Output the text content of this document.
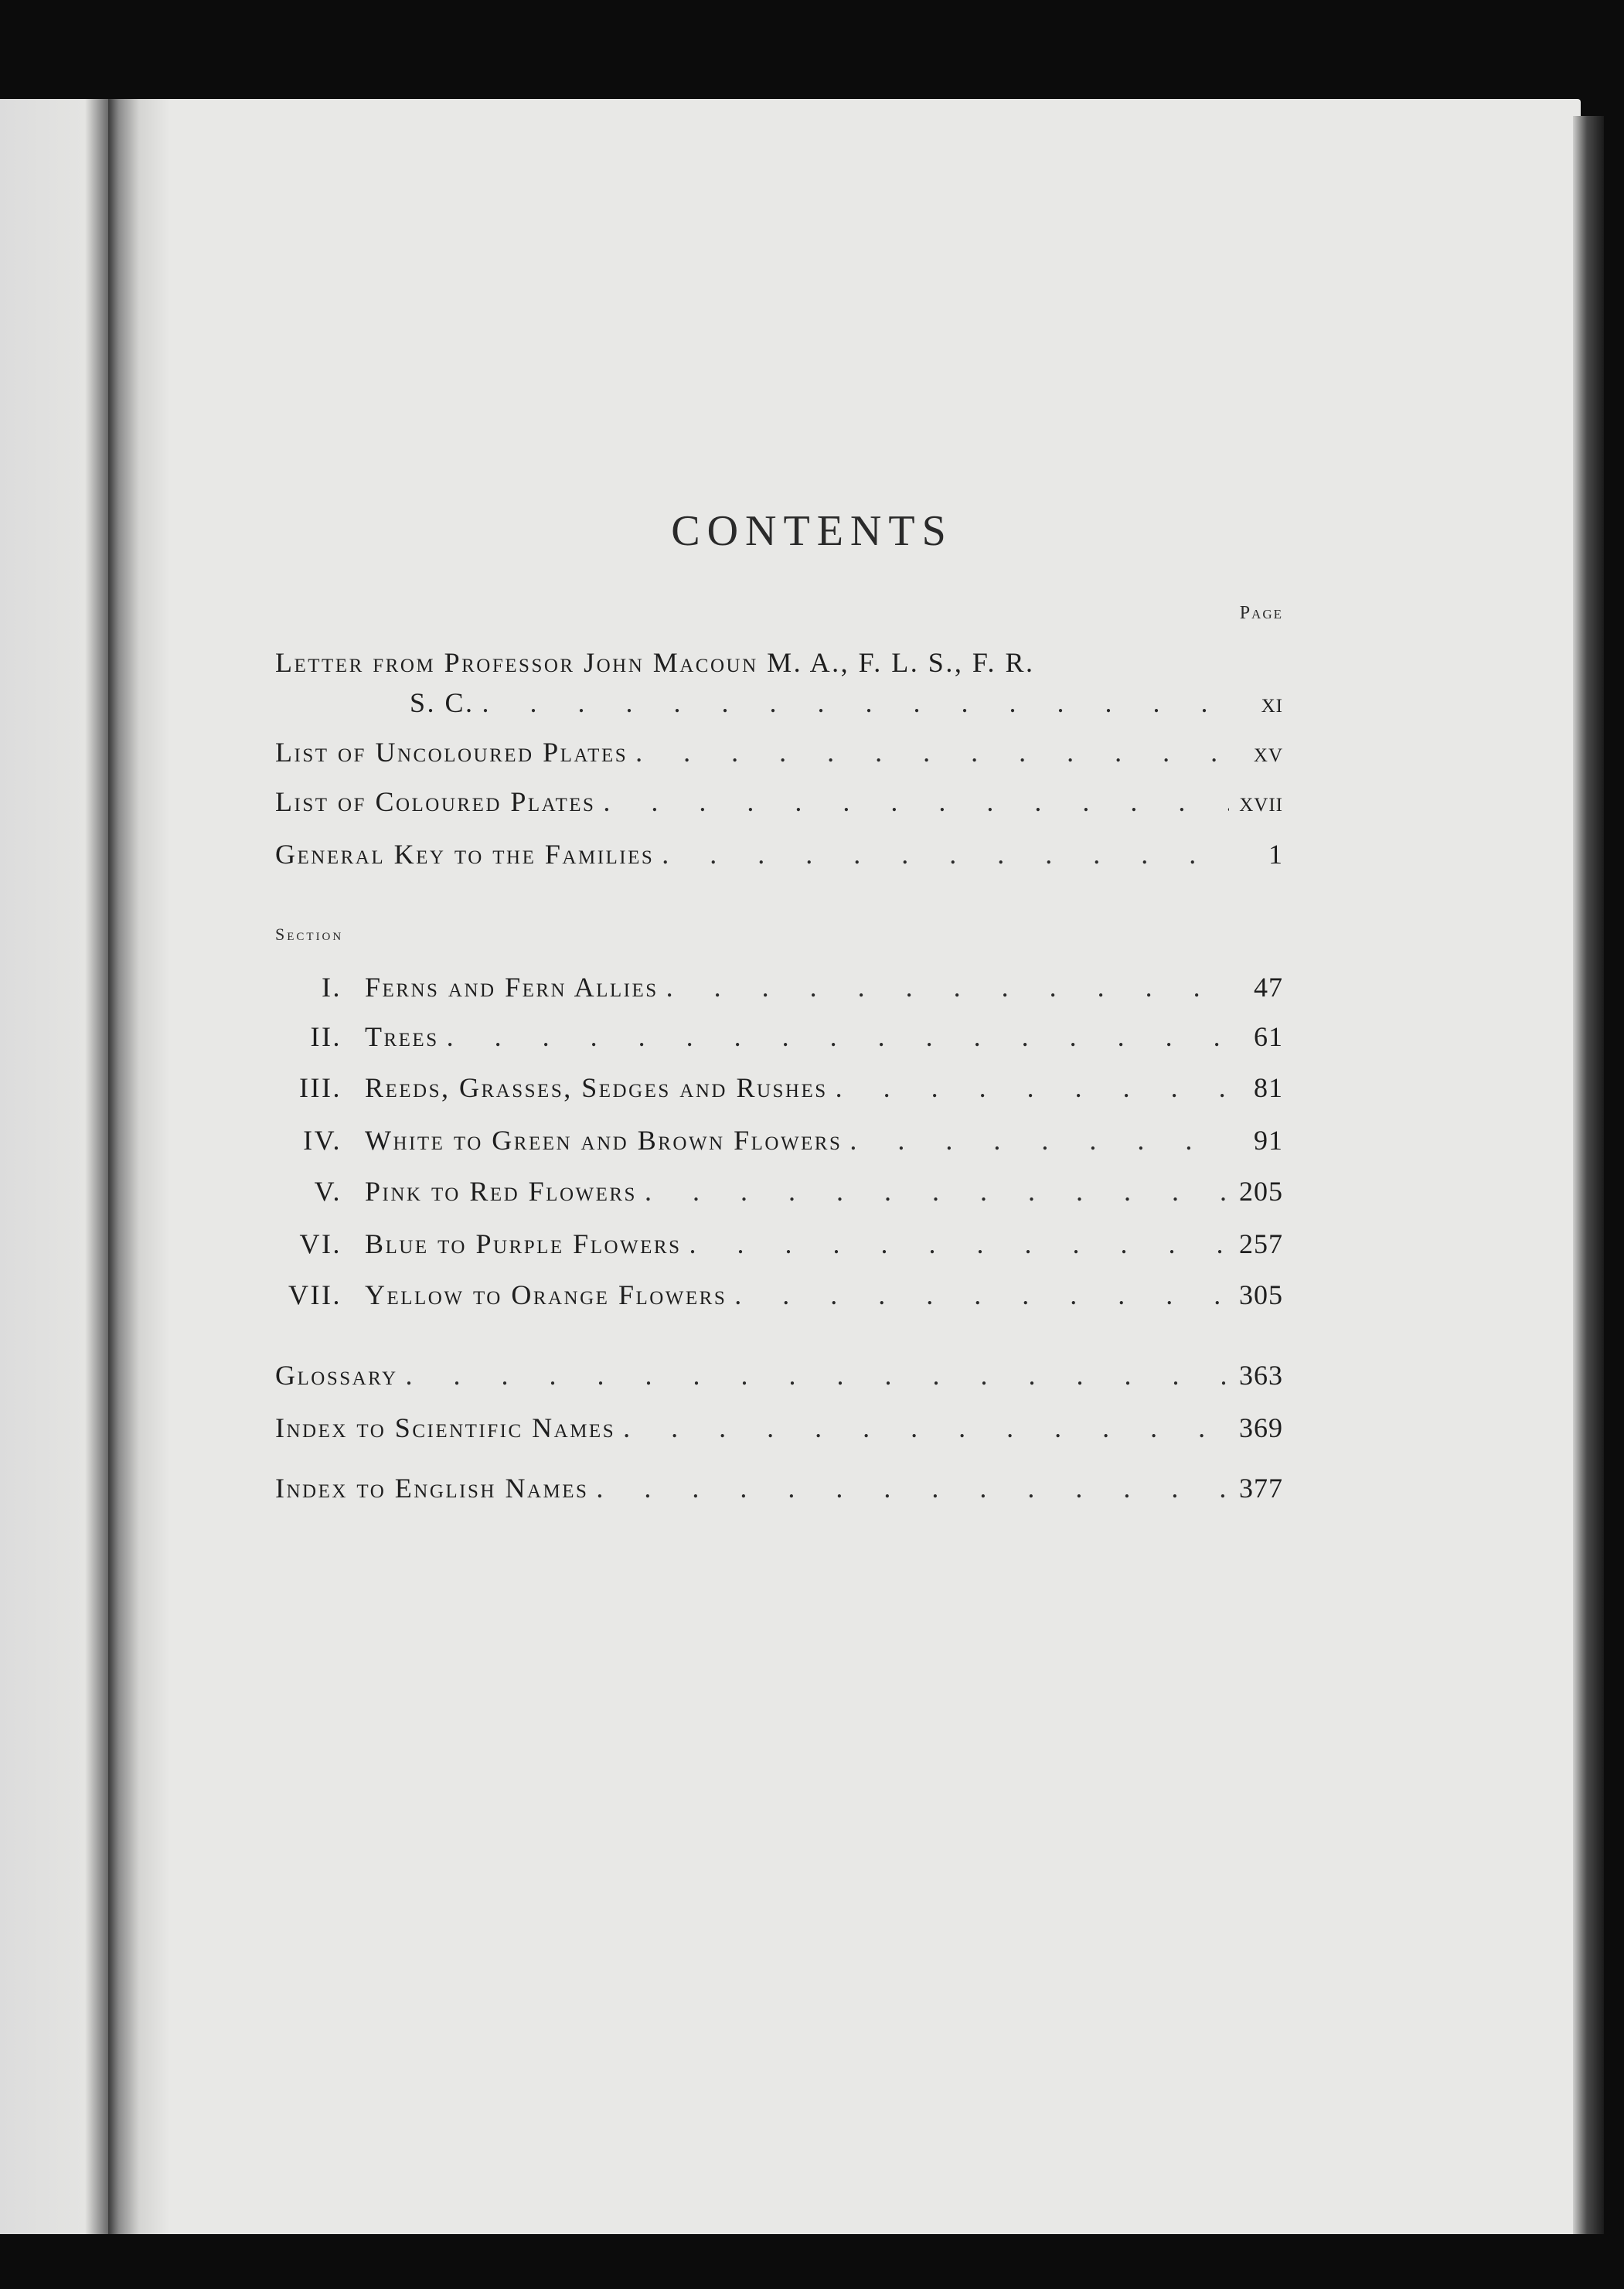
CONTENTS
Page
Letter from Professor John Macoun M. A., F. L. S., F. R.
S. C. . . .	xi
List of Uncoloured Plates . . .	xv
List of Coloured Plates . . .	xvii
General Key to the Families . . .	1
Section
I. Ferns and Fern Allies . . .	47
II. Trees . . .	61
III. Reeds, Grasses, Sedges and Rushes . . .	81
IV. White to Green and Brown Flowers . . .	91
V. Pink to Red Flowers . . .	205
VI. Blue to Purple Flowers . . .	257
VII. Yellow to Orange Flowers . . .	305
Glossary . . .	363
Index to Scientific Names . . .	369
Index to English Names . . .	377
